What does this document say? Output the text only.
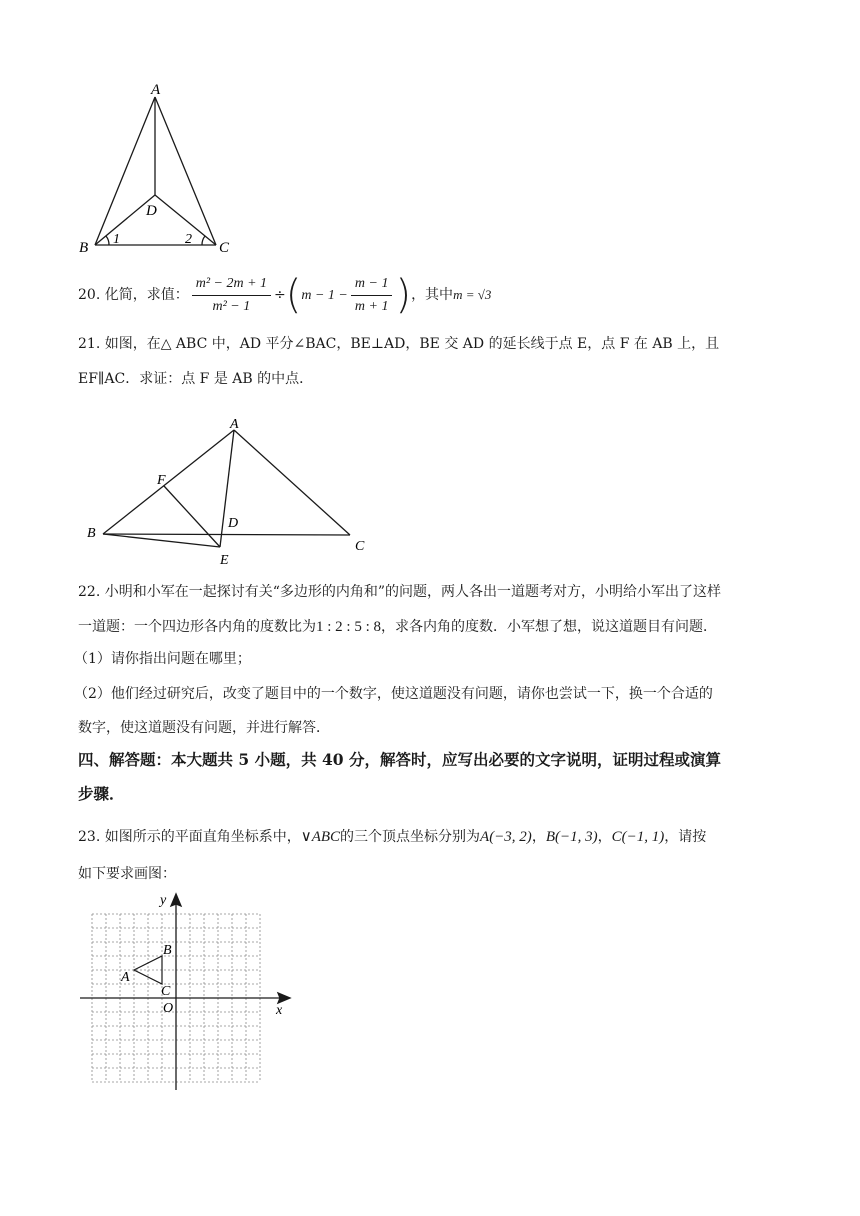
A
B	C
D
1	2
20. 化简，求值： $\frac{\text{m² − 2m + 1}}{\text{m² − 1}} \div(m - 1 - \frac{m - 1}{m + 1}$ )，其中m = √3
21. 如图，在△ ABC 中，AD 平分∠BAC，BE⊥AD，BE 交 AD 的延长线于点 E，点 F 在 AB 上，且
EF∥AC．求证：点 F 是 AB 的中点．
A
B
C
D
E
F
22. 小明和小军在一起探讨有关“多边形的内角和”的问题，两人各出一道题考对方，小明给小军出了这样
一道题：一个四边形各内角的度数比为1 : 2 : 5 : 8，求各内角的度数．小军想了想，说这道题目有问题．
（1）请你指出问题在哪里；
（2）他们经过研究后，改变了题目中的一个数字，使这道题没有问题，请你也尝试一下，换一个合适的
数字，使这道题没有问题，并进行解答．
四、解答题：本大题共 5 小题，共 40 分，解答时，应写出必要的文字说明，证明过程或演算
步骤．
23. 如图所示的平面直角坐标系中，∨ABC的三个顶点坐标分别为A(−3, 2)，B(−1, 3)，C(−1, 1)，请按
如下要求画图：
y
x
O
A
B
C
